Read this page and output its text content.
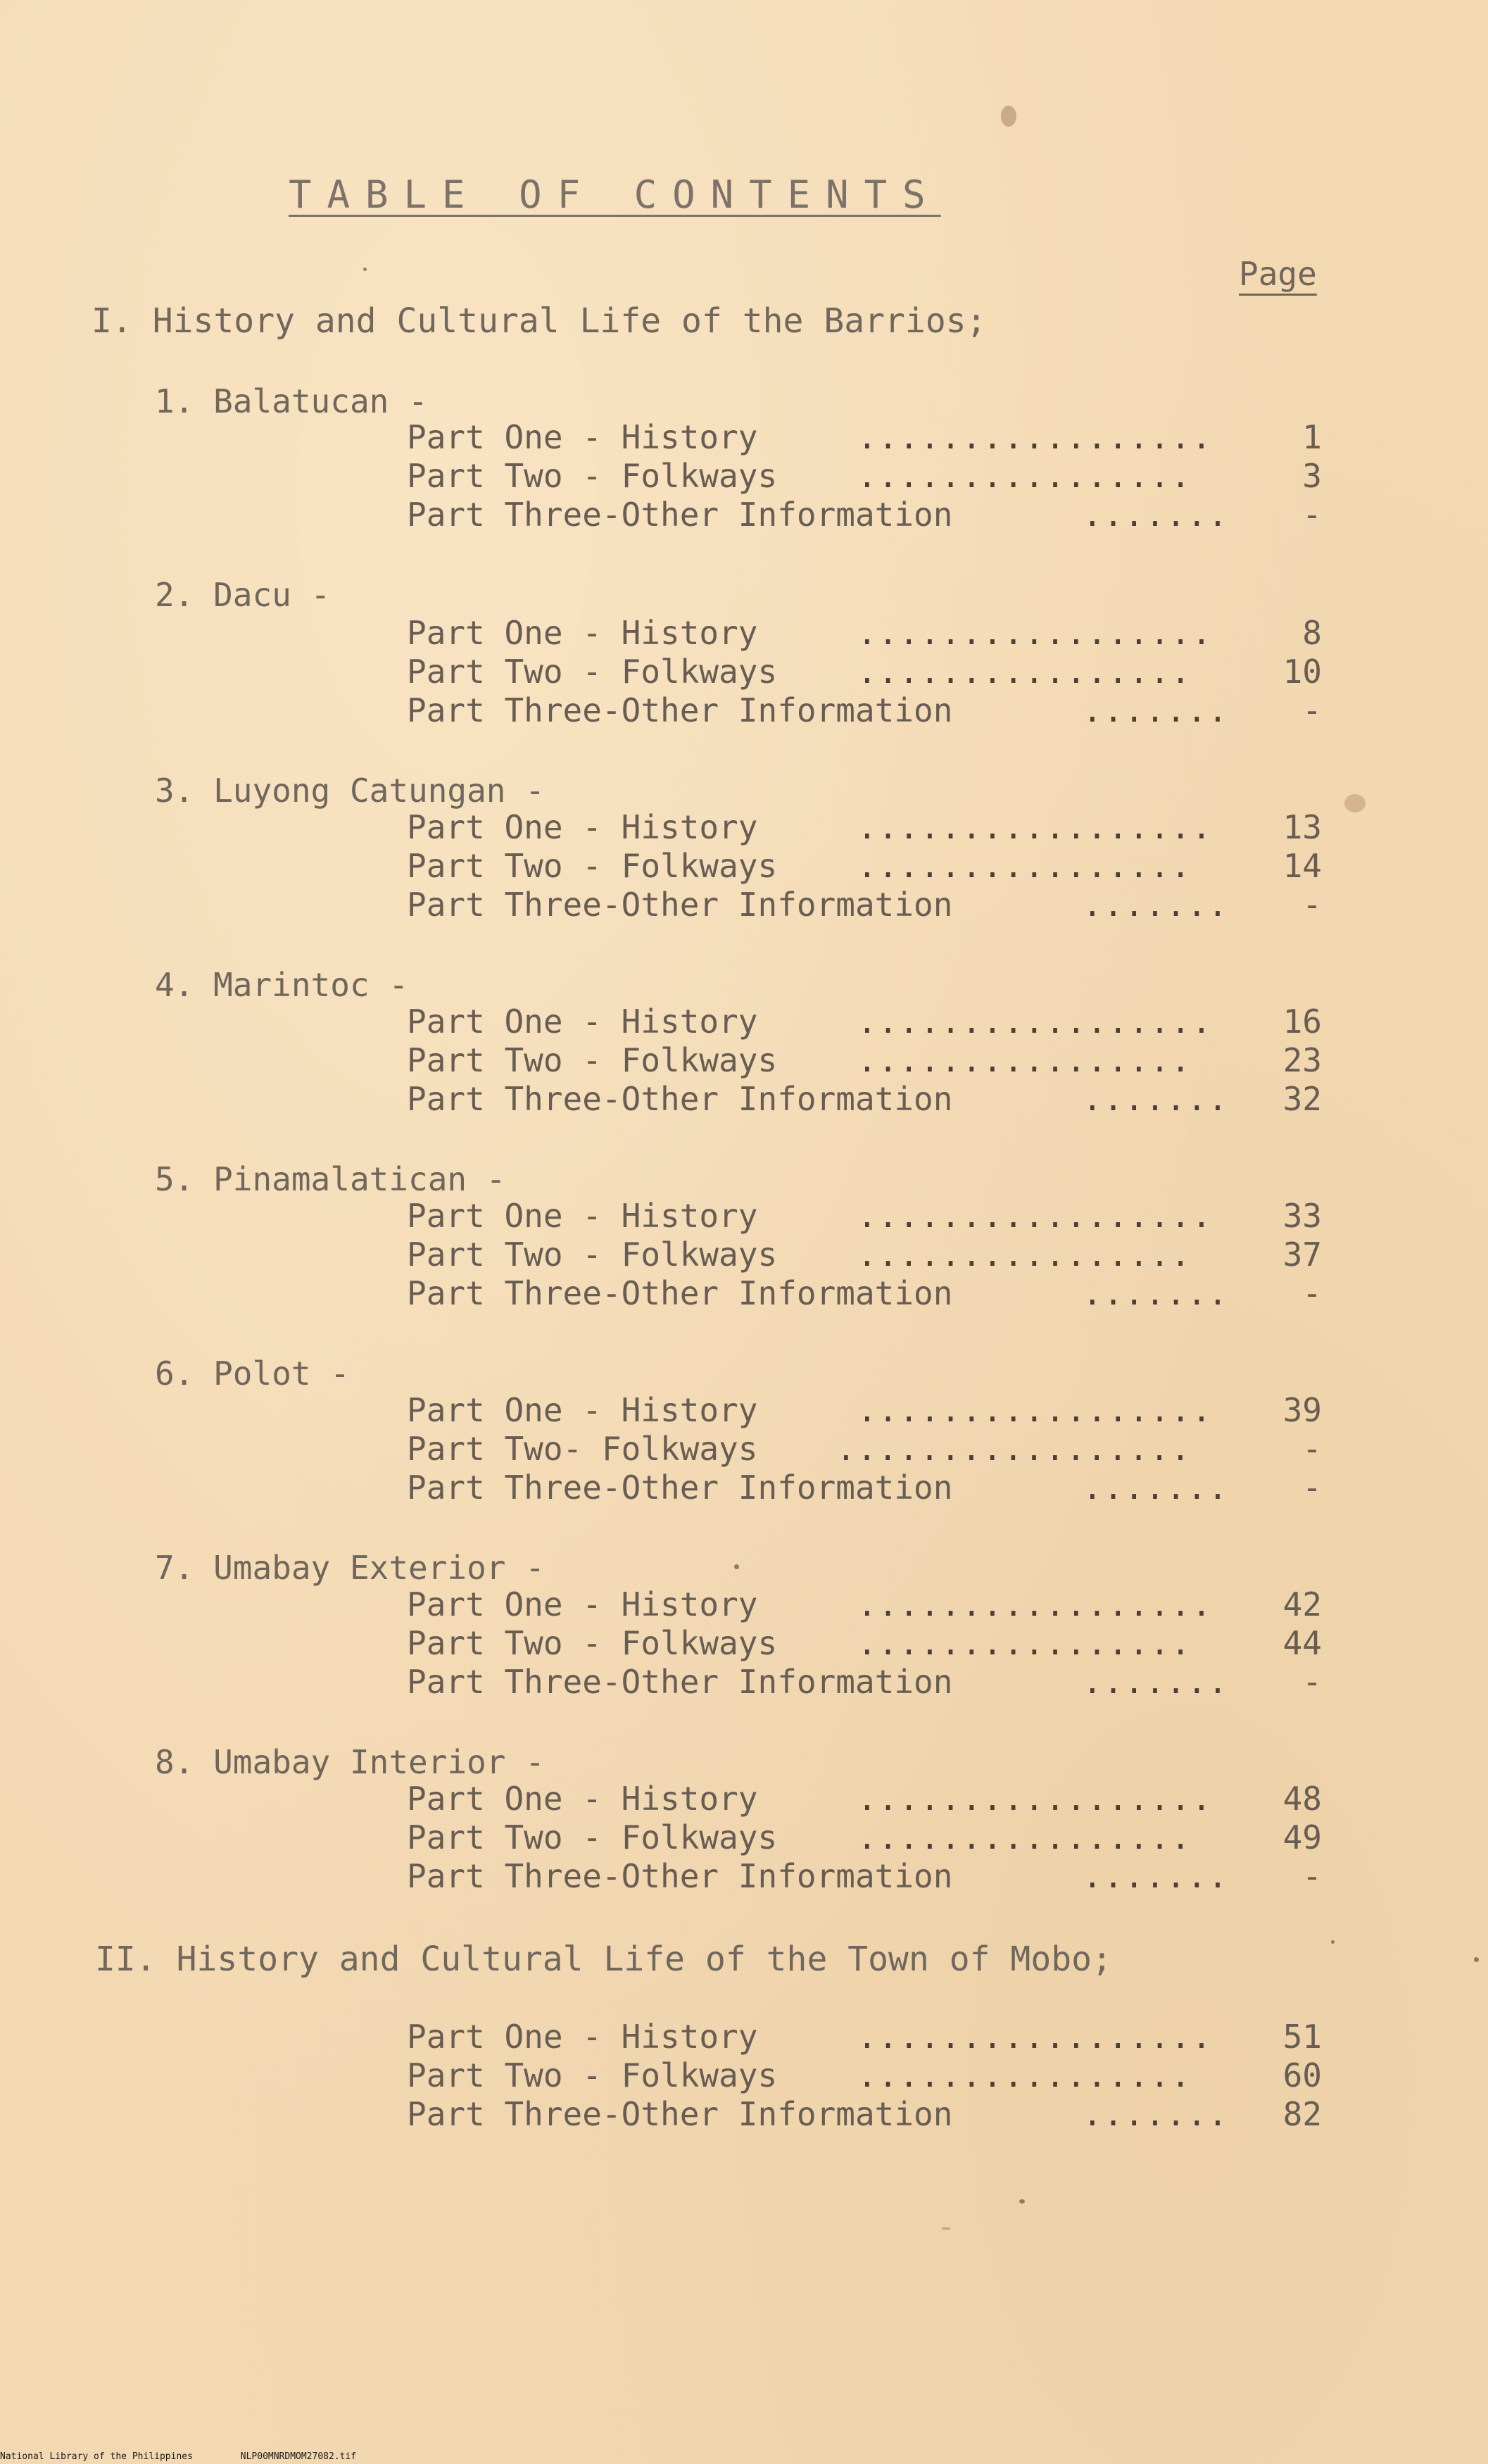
TABLE OF CONTENTS
Page
I. History and Cultural Life of the Barrios;
1. Balatucan -
Part One - History	.................	1
Part Two - Folkways ................	3
Part Three-Other Information	.......	-
2. Dacu -
Part One - History	.................	8
Part Two - Folkways ................	10
Part Three-Other Information	.......	-
3. Luyong Catungan -
Part One - History	.................	13
Part Two - Folkways ................	14
Part Three-Other Information	.......	-
4. Marintoc -
Part One - History	.................	16
Part Two - Folkways ................	23
Part Three-Other Information	.......	32
5. Pinamalatican -
Part One - History	.................	33
Part Two - Folkways ................	37
Part Three-Other Information	.......	-
6. Polot -
Part One - History	.................	39
Part Two- Folkways .................	-
Part Three-Other Information	.......	-
7. Umabay Exterior -
Part One - History	.................	42
Part Two - Folkways ................	44
Part Three-Other Information	.......	-
8. Umabay Interior -
Part One - History	.................	48
Part Two - Folkways ................	49
Part Three-Other Information	.......	-
II. History and Cultural Life of the Town of Mobo;
Part One - History	.................	51
Part Two - Folkways ................	60
Part Three-Other Information	.......	82
National Library of the Philippines	NLP00MNRDMOM27082.tif
